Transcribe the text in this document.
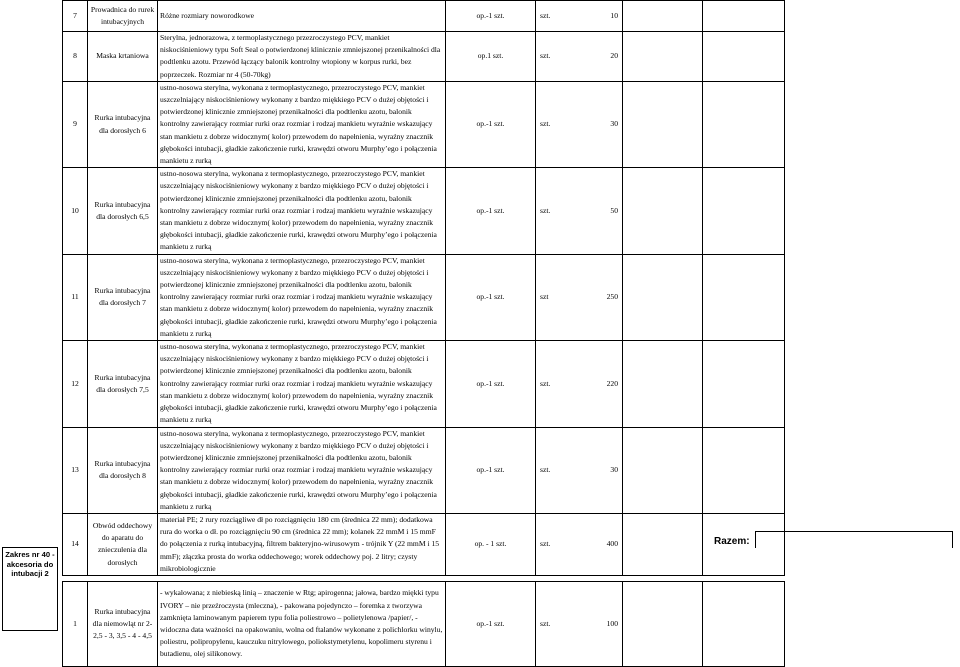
7	Prowadnica do rurek intubacyjnych	Różne rozmiary noworodkowe	op.-1 szt.	szt. 10		
8	Maska krtaniowa	Sterylna, jednorazowa, z termoplastycznego przezroczystego PCV, mankiet niskociśnieniowy typu Soft Seal o potwierdzonej klinicznie zmniejszonej przenikalności dla podtlenku azotu. Przewód łączący balonik kontrolny wtopiony w korpus rurki, bez poprzeczek. Rozmiar nr 4 (50-70kg)	op.1 szt.	szt. 20		
9	Rurka intubacyjna dla dorosłych 6	ustno-nosowa sterylna, wykonana z termoplastycznego, przezroczystego PCV, mankiet uszczelniający niskociśnieniowy wykonany z bardzo miękkiego PCV o dużej objętości i potwierdzonej klinicznie zmniejszonej przenikalności dla podtlenku azotu, balonik kontrolny zawierający rozmiar rurki oraz rozmiar i rodzaj mankietu wyraźnie wskazujący stan mankietu z dobrze widocznym( kolor) przewodem do napełnienia, wyraźny znacznik głębokości intubacji, gładkie zakończenie rurki, krawędzi otworu Murphy’ego i połączenia mankietu z rurką	op.-1 szt.	szt. 30		
10	Rurka intubacyjna dla dorosłych 6,5	ustno-nosowa sterylna, wykonana z termoplastycznego, przezroczystego PCV, mankiet uszczelniający niskociśnieniowy wykonany z bardzo miękkiego PCV o dużej objętości i potwierdzonej klinicznie zmniejszonej przenikalności dla podtlenku azotu, balonik kontrolny zawierający rozmiar rurki oraz rozmiar i rodzaj mankietu wyraźnie wskazujący stan mankietu z dobrze widocznym( kolor) przewodem do napełnienia, wyraźny znacznik głębokości intubacji, gładkie zakończenie rurki, krawędzi otworu Murphy’ego i połączenia mankietu z rurką	op.-1 szt.	szt. 50		
11	Rurka intubacyjna dla dorosłych 7	ustno-nosowa sterylna, wykonana z termoplastycznego, przezroczystego PCV, mankiet uszczelniający niskociśnieniowy wykonany z bardzo miękkiego PCV o dużej objętości i potwierdzonej klinicznie zmniejszonej przenikalności dla podtlenku azotu, balonik kontrolny zawierający rozmiar rurki oraz rozmiar i rodzaj mankietu wyraźnie wskazujący stan mankietu z dobrze widocznym( kolor) przewodem do napełnienia, wyraźny znacznik głębokości intubacji, gładkie zakończenie rurki, krawędzi otworu Murphy’ego i połączenia mankietu z rurką	op.-1 szt.	szt 250		
12	Rurka intubacyjna dla dorosłych 7,5	ustno-nosowa sterylna, wykonana z termoplastycznego, przezroczystego PCV, mankiet uszczelniający niskociśnieniowy wykonany z bardzo miękkiego PCV o dużej objętości i potwierdzonej klinicznie zmniejszonej przenikalności dla podtlenku azotu, balonik kontrolny zawierający rozmiar rurki oraz rozmiar i rodzaj mankietu wyraźnie wskazujący stan mankietu z dobrze widocznym( kolor) przewodem do napełnienia, wyraźny znacznik głębokości intubacji, gładkie zakończenie rurki, krawędzi otworu Murphy’ego i połączenia mankietu z rurką	op.-1 szt.	szt. 220		
13	Rurka intubacyjna dla dorosłych 8	ustno-nosowa sterylna, wykonana z termoplastycznego, przezroczystego PCV, mankiet uszczelniający niskociśnieniowy wykonany z bardzo miękkiego PCV o dużej objętości i potwierdzonej klinicznie zmniejszonej przenikalności dla podtlenku azotu, balonik kontrolny zawierający rozmiar rurki oraz rozmiar i rodzaj mankietu wyraźnie wskazujący stan mankietu z dobrze widocznym( kolor) przewodem do napełnienia, wyraźny znacznik głębokości intubacji, gładkie zakończenie rurki, krawędzi otworu Murphy’ego i połączenia mankietu z rurką	op.-1 szt.	szt. 30		
14	Obwód oddechowy do aparatu do znieczulenia dla dorosłych	materiał PE; 2 rury rozciągliwe dł po rozciągnięciu 180 cm (średnica 22 mm); dodatkowa rura do worka o dł. po rozciągnięciu 90 cm (średnica 22 mm); kolanek 22 mmM i 15 mmF do połączenia z rurką intubacyjną, filtrem bakteryjno-wirusowym - trójnik Y (22 mmM i 15 mmF); złączka prosta do worka oddechowego; worek oddechowy poj. 2 litry; czysty mikrobiologicznie	op. - 1 szt.	szt. 400		

1	Rurka intubacyjna dla niemowląt nr 2- 2,5 - 3, 3,5 - 4 - 4,5	- wykalowana; z niebieską linią – znaczenie w Rtg; apirogenna; jałowa, bardzo miękki typu IVORY – nie przeźroczysta (mleczna), - pakowana pojedynczo – foremka z tworzywa zamknięta laminowanym papierem typu folia poliestrowo – polietylenowa /papier/, - widoczna data ważności na opakowaniu, wolna od ftalanów wykonane z polichlorku winylu, poliestru, polipropylenu, kauczuku nitrylowego, poliokstymetylenu, kopolimeru styrenu i butadienu, olej silikonowy.	op.-1 szt.	szt. 100		
Razem:
Zakres nr 40 - akcesoria do intubacji 2
